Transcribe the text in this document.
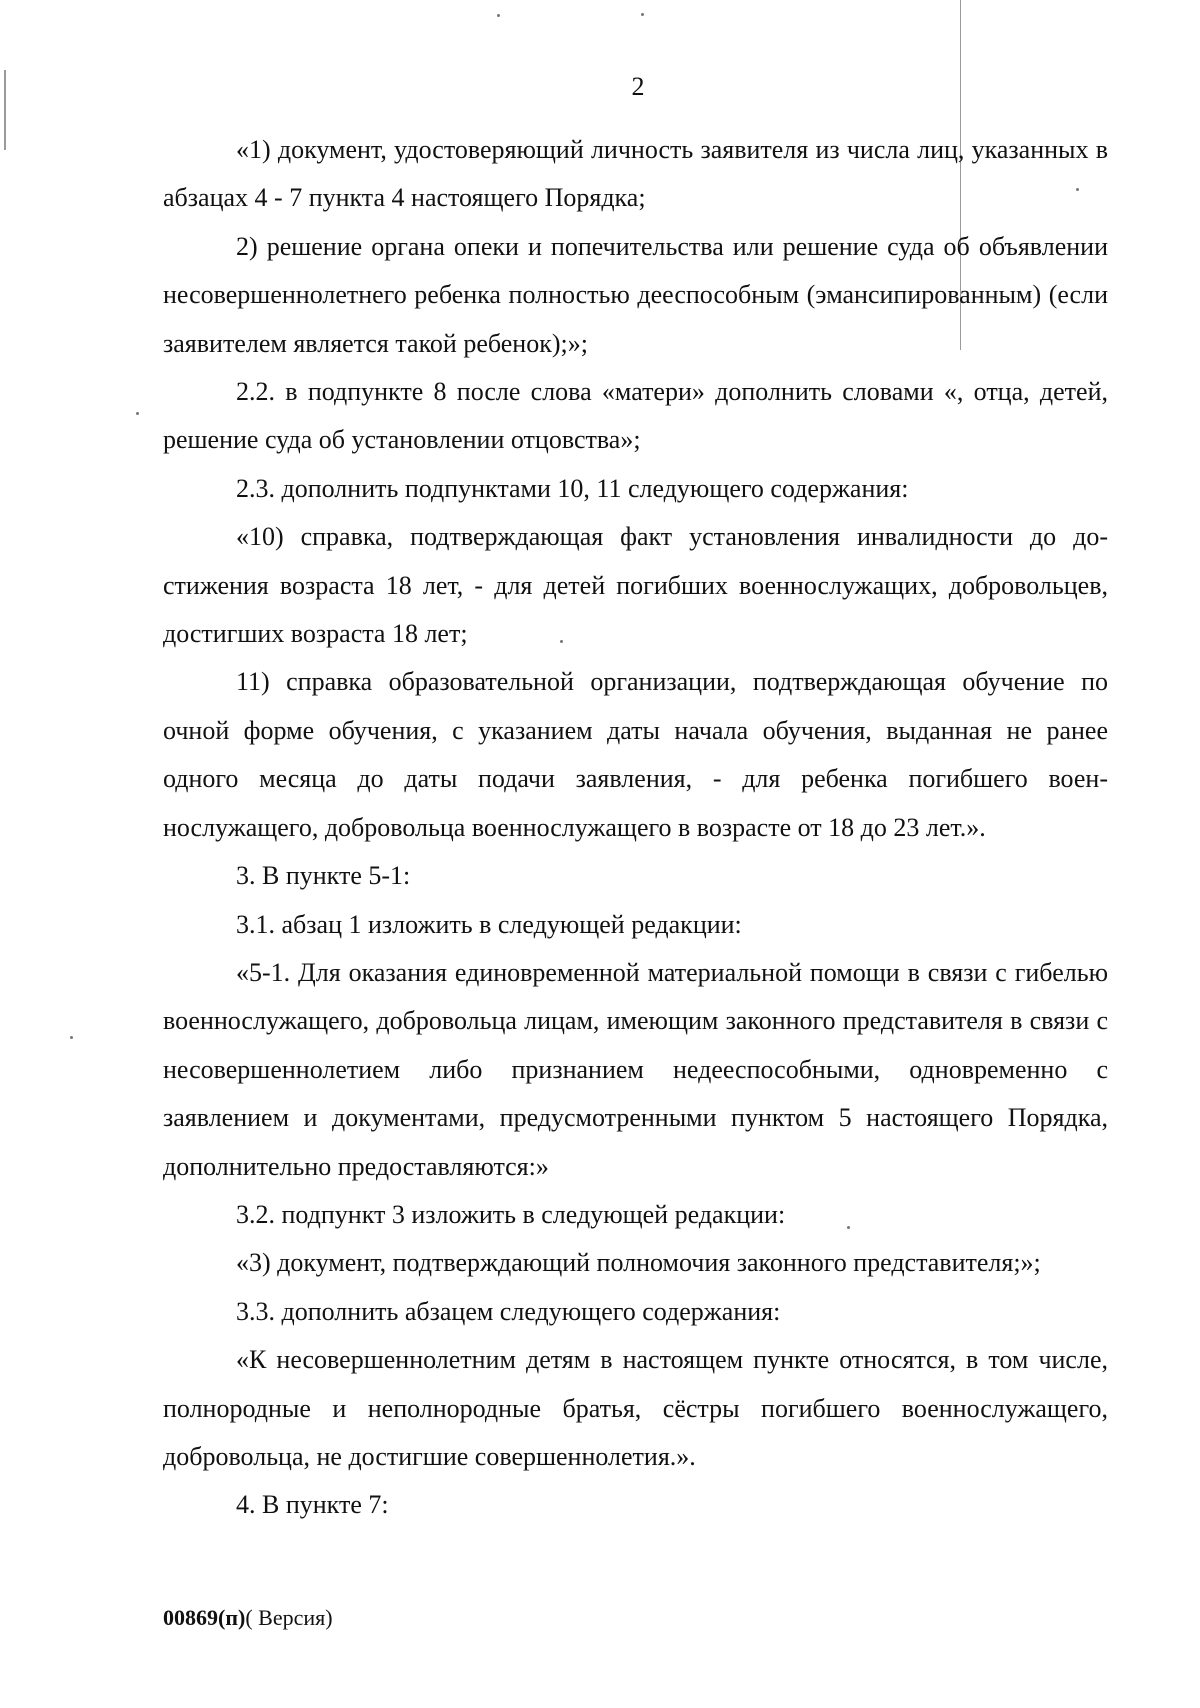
2

«1) документ, удостоверяющий личность заявителя из числа лиц, указанных в абзацах 4 - 7 пункта 4 настоящего Порядка;

2) решение органа опеки и попечительства или решение суда об объявлении несовершеннолетнего ребенка полностью дееспособным (эмансипированным) (если заявителем является такой ребенок);»;

2.2. в подпункте 8 после слова «матери» дополнить словами «, отца, детей, решение суда об установлении отцовства»;

2.3. дополнить подпунктами 10, 11 следующего содержания:

«10) справка, подтверждающая факт установления инвалидности до достижения возраста 18 лет, - для детей погибших военнослужащих, добровольцев, достигших возраста 18 лет;

11) справка образовательной организации, подтверждающая обучение по очной форме обучения, с указанием даты начала обучения, выданная не ранее одного месяца до даты подачи заявления, - для ребенка погибшего военнослужащего, добровольца военнослужащего в возрасте от 18 до 23 лет.».

3. В пункте 5-1:

3.1. абзац 1 изложить в следующей редакции:

«5-1. Для оказания единовременной материальной помощи в связи с гибелью военнослужащего, добровольца лицам, имеющим законного представителя в связи с несовершеннолетием либо признанием недееспособными, одновременно с заявлением и документами, предусмотренными пунктом 5 настоящего Порядка, дополнительно предоставляются:»

3.2. подпункт 3 изложить в следующей редакции:

«3) документ, подтверждающий полномочия законного представителя;»;

3.3. дополнить абзацем следующего содержания:

«К несовершеннолетним детям в настоящем пункте относятся, в том числе, полнородные и неполнородные братья, сёстры погибшего военнослужащего, добровольца, не достигшие совершеннолетия.».

4. В пункте 7:

00869(п)( Версия)
